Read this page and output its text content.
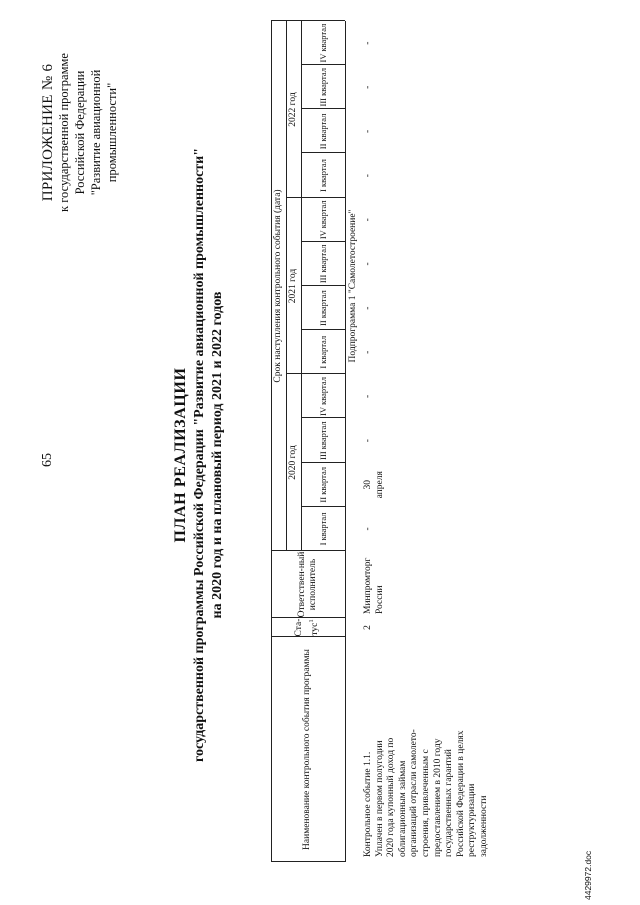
65
ПРИЛОЖЕНИЕ № 6 к государственной программе Российской Федерации "Развитие авиационной промышленности"
ПЛАН РЕАЛИЗАЦИИ государственной программы Российской Федерации "Развитие авиационной промышленности" на 2020 год и на плановый период 2021 и 2022 годов
Наименование контрольного события программы
Ста-тус$^1$
Ответствен-ный исполнитель
Срок наступления контрольного события (дата)
2020 год
2021 год
2022 год
I квартал
II квартал
III квартал
IV квартал
I квартал
II квартал
III квартал
IV квартал
I квартал
II квартал
III квартал
IV квартал
Подпрограмма 1 "Самолетостроение"
Контрольное событие 1.1. Уплачен в первом полугодии 2020 года купонный доход по облигационным займам организаций отрасли самолето- строения, привлеченным с предоставлением в 2010 году государственных гарантий Российской Федерации в целях реструктуризации задолженности
2
Минпромторг России
-
30 апреля
-
-
-
-
-
-
-
-
-
-
4429972.doc
